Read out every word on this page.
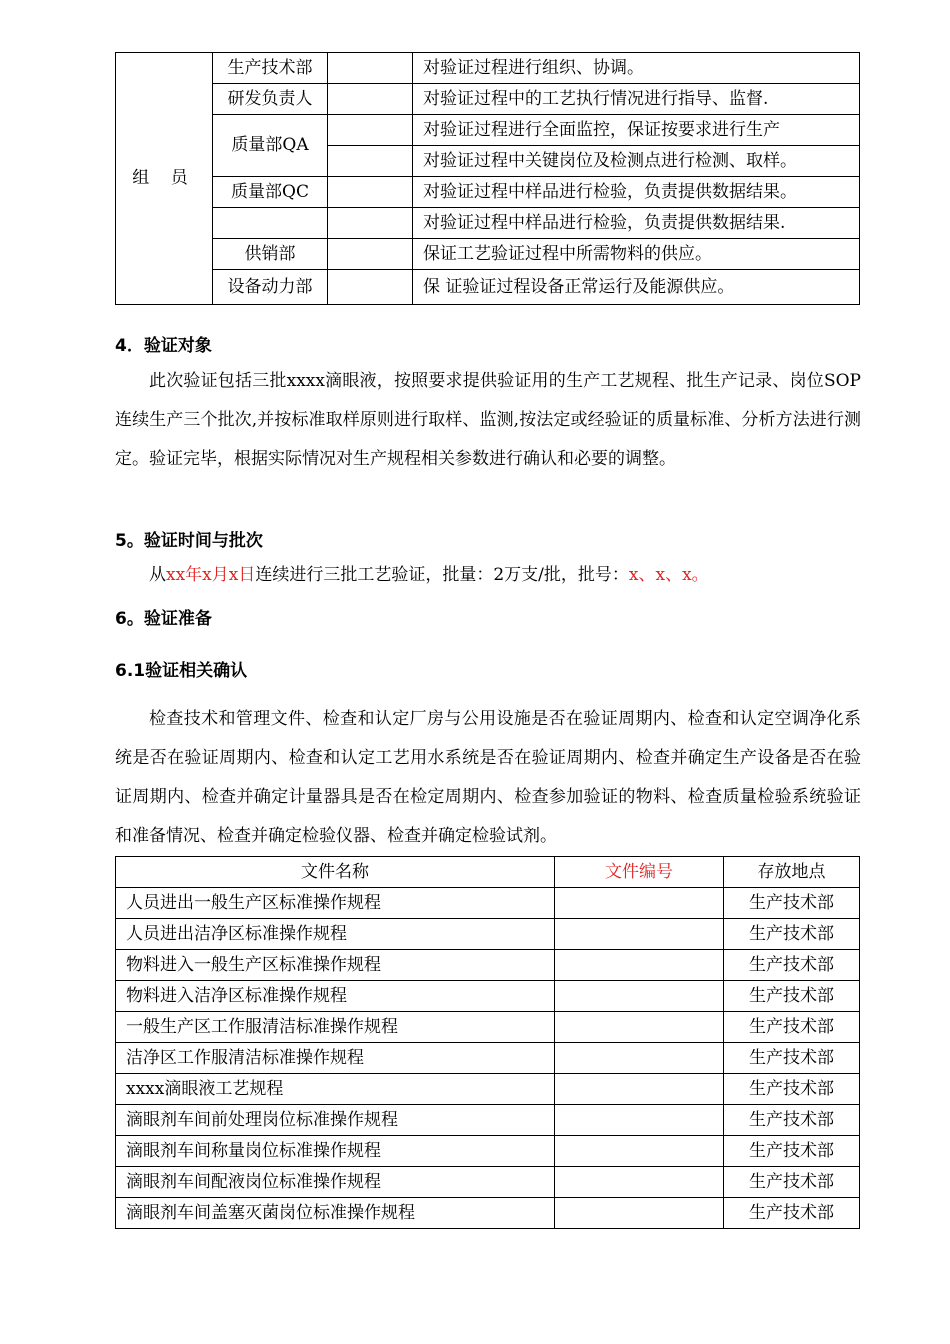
组 员	生产技术部		对验证过程进行组织、协调。
	研发负责人		对验证过程中的工艺执行情况进行指导、监督.
	质量部QA		对验证过程进行全面监控，保证按要求进行生产
			对验证过程中关键岗位及检测点进行检测、取样。
	质量部QC		对验证过程中样品进行检验，负责提供数据结果。
			对验证过程中样品进行检验，负责提供数据结果.
	供销部		保证工艺验证过程中所需物料的供应。
	设备动力部		保 证验证过程设备正常运行及能源供应。
4．验证对象

此次验证包括三批xxxx滴眼液，按照要求提供验证用的生产工艺规程、批生产记录、岗位SOP连续生产三个批次,并按标准取样原则进行取样、监测,按法定或经验证的质量标准、分析方法进行测定。验证完毕，根据实际情况对生产规程相关参数进行确认和必要的调整。

5。验证时间与批次

从xx年x月x日连续进行三批工艺验证，批量：2万支/批，批号：x、x、x。

6。验证准备
6.1验证相关确认

检查技术和管理文件、检查和认定厂房与公用设施是否在验证周期内、检查和认定空调净化系统是否在验证周期内、检查和认定工艺用水系统是否在验证周期内、检查并确定生产设备是否在验证周期内、检查并确定计量器具是否在检定周期内、检查参加验证的物料、检查质量检验系统验证和准备情况、检查并确定检验仪器、检查并确定检验试剂。

文件名称	文件编号	存放地点
人员进出一般生产区标准操作规程		生产技术部
人员进出洁净区标准操作规程		生产技术部
物料进入一般生产区标准操作规程		生产技术部
物料进入洁净区标准操作规程		生产技术部
一般生产区工作服清洁标准操作规程		生产技术部
洁净区工作服清洁标准操作规程		生产技术部
xxxx滴眼液工艺规程		生产技术部
滴眼剂车间前处理岗位标准操作规程		生产技术部
滴眼剂车间称量岗位标准操作规程		生产技术部
滴眼剂车间配液岗位标准操作规程		生产技术部
滴眼剂车间盖塞灭菌岗位标准操作规程		生产技术部
